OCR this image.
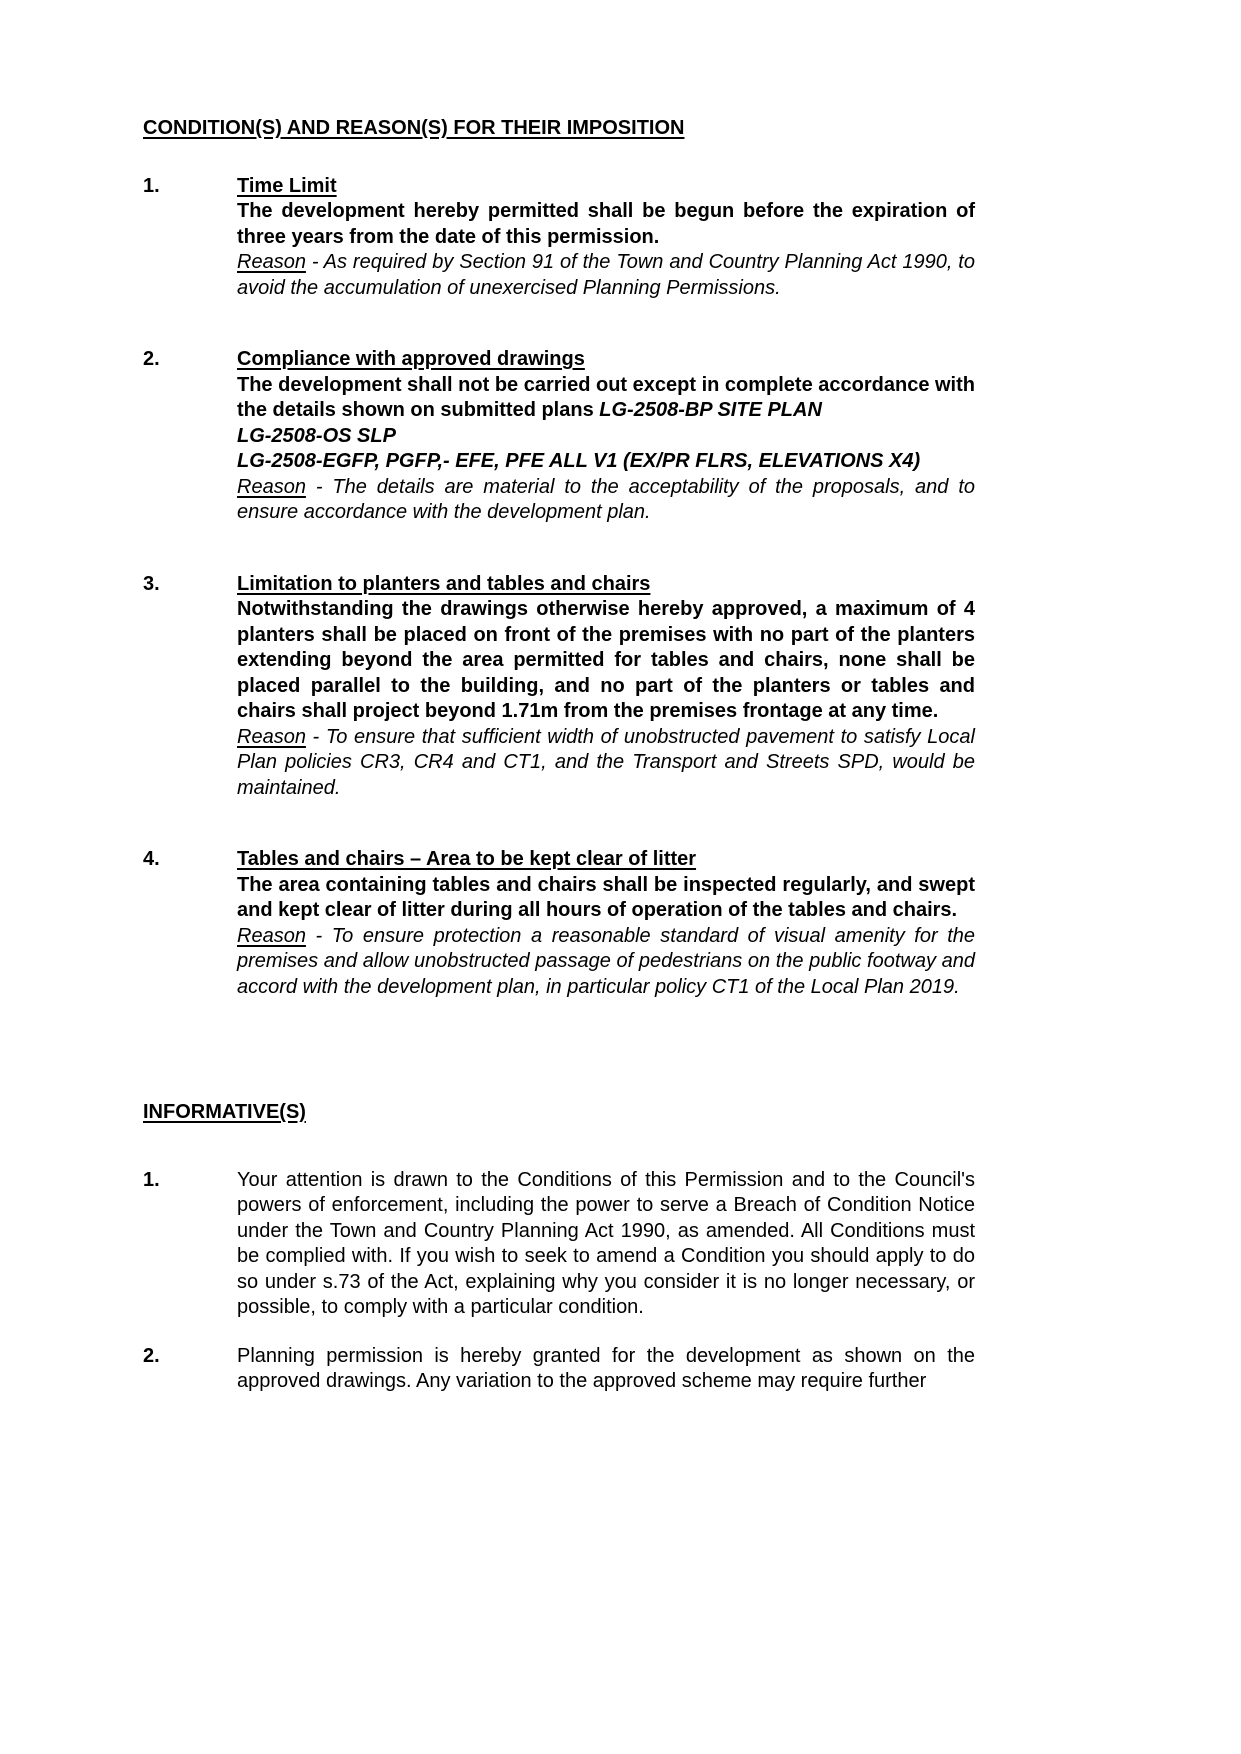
CONDITION(S) AND REASON(S) FOR THEIR IMPOSITION
1.	Time Limit

The development hereby permitted shall be begun before the expiration of three years from the date of this permission.

Reason - As required by Section 91 of the Town and Country Planning Act 1990, to avoid the accumulation of unexercised Planning Permissions.

2.	Compliance with approved drawings

The development shall not be carried out except in complete accordance with the details shown on submitted plans LG-2508-BP SITE PLAN

LG-2508-OS SLP

LG-2508-EGFP, PGFP,- EFE, PFE ALL V1 (EX/PR FLRS, ELEVATIONS X4)

Reason - The details are material to the acceptability of the proposals, and to ensure accordance with the development plan.

3.	Limitation to planters and tables and chairs

Notwithstanding the drawings otherwise hereby approved, a maximum of 4 planters shall be placed on front of the premises with no part of the planters extending beyond the area permitted for tables and chairs, none shall be placed parallel to the building, and no part of the planters or tables and chairs shall project beyond 1.71m from the premises frontage at any time.

Reason - To ensure that sufficient width of unobstructed pavement to satisfy Local Plan policies CR3, CR4 and CT1, and the Transport and Streets SPD, would be maintained.

4.	Tables and chairs – Area to be kept clear of litter

The area containing tables and chairs shall be inspected regularly, and swept and kept clear of litter during all hours of operation of the tables and chairs.

Reason - To ensure protection a reasonable standard of visual amenity for the premises and allow unobstructed passage of pedestrians on the public footway and accord with the development plan, in particular policy CT1 of the Local Plan 2019.

INFORMATIVE(S)
1.	Your attention is drawn to the Conditions of this Permission and to the Council's powers of enforcement, including the power to serve a Breach of Condition Notice under the Town and Country Planning Act 1990, as amended. All Conditions must be complied with. If you wish to seek to amend a Condition you should apply to do so under s.73 of the Act, explaining why you consider it is no longer necessary, or possible, to comply with a particular condition.

2.	Planning permission is hereby granted for the development as shown on the approved drawings. Any variation to the approved scheme may require further
